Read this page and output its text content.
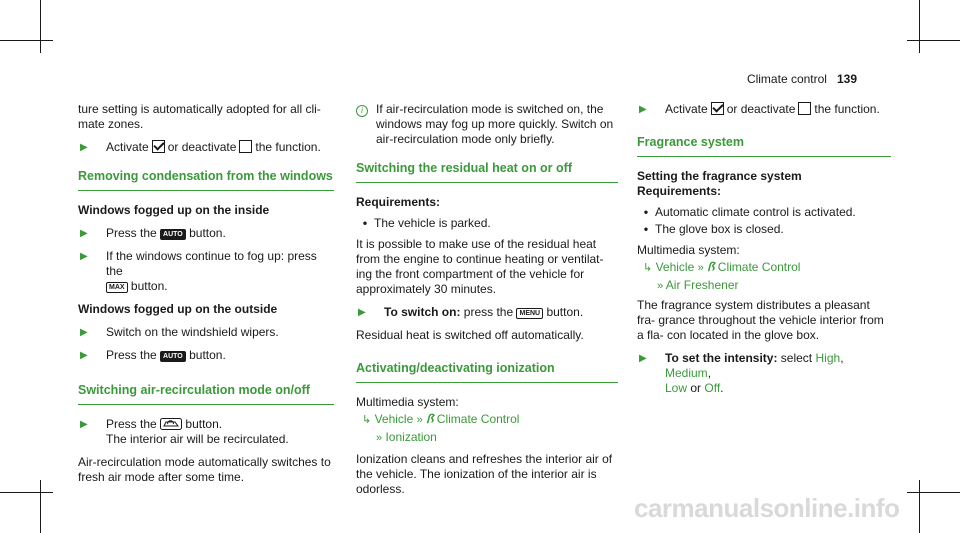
Climate control 139

ture setting is automatically adopted for all cli- mate zones.

▶	Activate or deactivate the function.
Removing condensation from the windows
Windows fogged up on the inside
▶	Press the AUTO button.
▶	If the windows continue to fog up: press the
MAX button.
Windows fogged up on the outside
▶	Switch on the windshield wipers.
▶	Press the AUTO button.
Switching air-recirculation mode on/off
▶	Press the button.
The interior air will be recirculated.

Air-recirculation mode automatically switches to fresh air mode after some time.

i	If air-recirculation mode is switched on, the windows may fog up more quickly. Switch on air-recirculation mode only briefly.
Switching the residual heat on or off
Requirements:
• The vehicle is parked.

It is possible to make use of the residual heat from the engine to continue heating or ventilat- ing the front compartment of the vehicle for approximately 30 minutes.

▶	To switch on: press the MENU button.

Residual heat is switched off automatically.

Activating/deactivating ionization
Multimedia system:
↳ Vehicle » ꟗ Climate Control
» Ionization

Ionization cleans and refreshes the interior air of the vehicle. The ionization of the interior air is odorless.

▶	Activate or deactivate the function.
Fragrance system
Setting the fragrance system
Requirements:
• Automatic climate control is activated.
• The glove box is closed.
Multimedia system:
↳ Vehicle » ꟗ Climate Control
» Air Freshener

The fragrance system distributes a pleasant fra- grance throughout the vehicle interior from a fla- con located in the glove box.

▶	To set the intensity: select High, Medium,
Low or Off.
carmanualsonline.info
